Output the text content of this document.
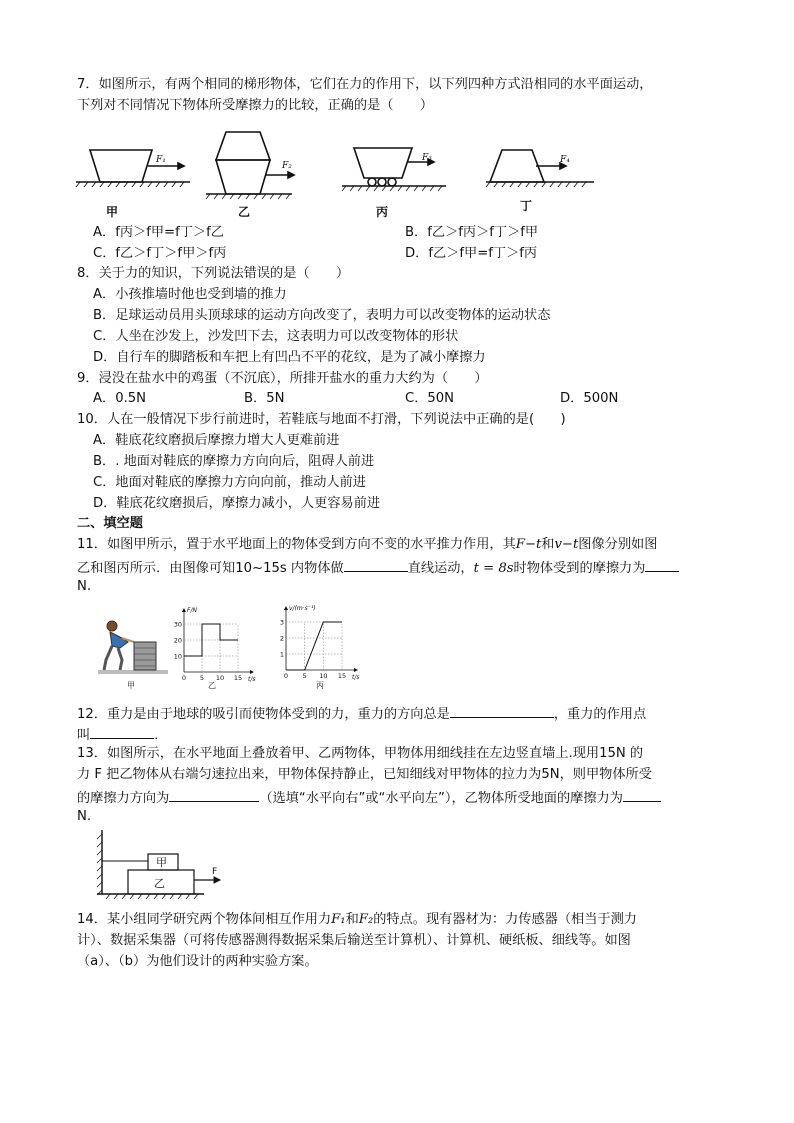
7．如图所示，有两个相同的梯形物体，它们在力的作用下，以下列四种方式沿相同的水平面运动，
下列对不同情况下物体所受摩擦力的比较，正确的是（　　）
F₁
F₂
F₃	F₄
甲	乙	丙	丁
A．f丙＞f甲=f丁＞f乙	B．f乙＞f丙＞f丁＞f甲
C．f乙＞f丁＞f甲＞f丙	D．f乙＞f甲=f丁＞f丙
8．关于力的知识，下列说法错误的是（　　）
A．小孩推墙时他也受到墙的推力
B．足球运动员用头顶球球的运动方向改变了，表明力可以改变物体的运动状态
C．人坐在沙发上，沙发凹下去，这表明力可以改变物体的形状
D．自行车的脚踏板和车把上有凹凸不平的花纹，是为了减小摩擦力
9．浸没在盐水中的鸡蛋（不沉底），所排开盐水的重力大约为（　　）
A．0.5N	B．5N	C．50N	D．500N
10．人在一般情况下步行前进时，若鞋底与地面不打滑，下列说法中正确的是(　　)
A．鞋底花纹磨损后摩擦力增大人更难前进
B．. 地面对鞋底的摩擦力方向向后，阻碍人前进
C．地面对鞋底的摩擦力方向向前，推动人前进
D．鞋底花纹磨损后，摩擦力减小，人更容易前进
二、填空题
11．如图甲所示，置于水平地面上的物体受到方向不变的水平推力作用，其F−t和v−t图像分别如图
乙和图丙所示．由图像可知10~15s 内物体做	直线运动，t = 8s时物体受到的摩擦力为
N.
甲
30
20
10
0 5 10 15
F/N
t/s
乙
3
2
1
0 5 10 15
v/(m·s⁻¹)
t/s
丙
12．重力是由于地球的吸引而使物体受到的力，重力的方向总是	，重力的作用点
叫	．
13．如图所示，在水平地面上叠放着甲、乙两物体，甲物体用细线挂在左边竖直墙上.现用15N 的
力 F 把乙物体从右端匀速拉出来，甲物体保持静止，已知细线对甲物体的拉力为5N，则甲物体所受
的摩擦力方向为	（选填“水平向右”或“水平向左”），乙物体所受地面的摩擦力为
N.
甲
乙
F
14．某小组同学研究两个物体间相互作用力F₁和F₂的特点。现有器材为：力传感器（相当于测力
计）、数据采集器（可将传感器测得数据采集后输送至计算机）、计算机、硬纸板、细线等。如图
（a）、（b）为他们设计的两种实验方案。
